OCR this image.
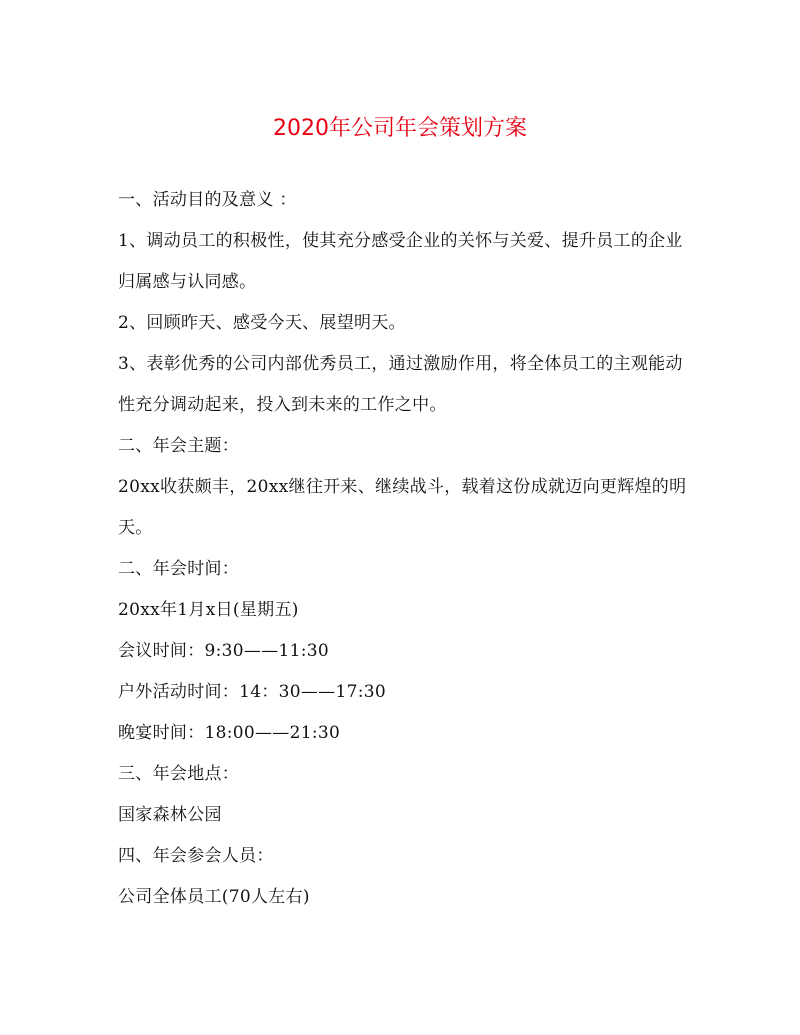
2020年公司年会策划方案

一、活动目的及意义 ：

1、调动员工的积极性，使其充分感受企业的关怀与关爱、提升员工的企业归属感与认同感。

2、回顾昨天、感受今天、展望明天。

3、表彰优秀的公司内部优秀员工，通过激励作用，将全体员工的主观能动性充分调动起来，投入到未来的工作之中。

二、年会主题：

20xx收获颇丰，20xx继往开来、继续战斗，载着这份成就迈向更辉煌的明天。

二、年会时间：

20xx年1月x日(星期五)

会议时间：9:30——11:30

户外活动时间：14：30——17:30

晚宴时间：18:00——21:30

三、年会地点：

国家森林公园

四、年会参会人员：

公司全体员工(70人左右)
